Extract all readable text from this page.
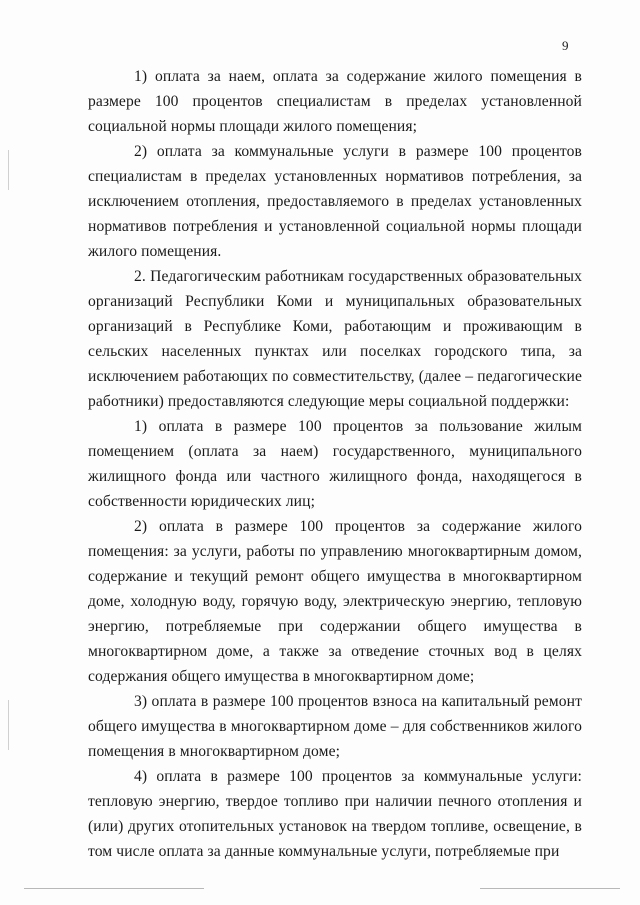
9

1) оплата за наем, оплата за содержание жилого помещения в размере 100 процентов специалистам в пределах установленной социальной нормы площади жилого помещения;

2) оплата за коммунальные услуги в размере 100 процентов специалистам в пределах установленных нормативов потребления, за исключением отопления, предоставляемого в пределах установленных нормативов потребления и установленной социальной нормы площади жилого помещения.

2. Педагогическим работникам государственных образовательных организаций Республики Коми и муниципальных образовательных организаций в Республике Коми, работающим и проживающим в сельских населенных пунктах или поселках городского типа, за исключением работающих по совместительству, (далее – педагогические работники) предоставляются следующие меры социальной поддержки:

1) оплата в размере 100 процентов за пользование жилым помещением (оплата за наем) государственного, муниципального жилищного фонда или частного жилищного фонда, находящегося в собственности юридических лиц;

2) оплата в размере 100 процентов за содержание жилого помещения: за услуги, работы по управлению многоквартирным домом, содержание и текущий ремонт общего имущества в многоквартирном доме, холодную воду, горячую воду, электрическую энергию, тепловую энергию, потребляемые при содержании общего имущества в многоквартирном доме, а также за отведение сточных вод в целях содержания общего имущества в многоквартирном доме;

3) оплата в размере 100 процентов взноса на капитальный ремонт общего имущества в многоквартирном доме – для собственников жилого помещения в многоквартирном доме;

4) оплата в размере 100 процентов за коммунальные услуги: тепловую энергию, твердое топливо при наличии печного отопления и (или) других отопительных установок на твердом топливе, освещение, в том числе оплата за данные коммунальные услуги, потребляемые при
